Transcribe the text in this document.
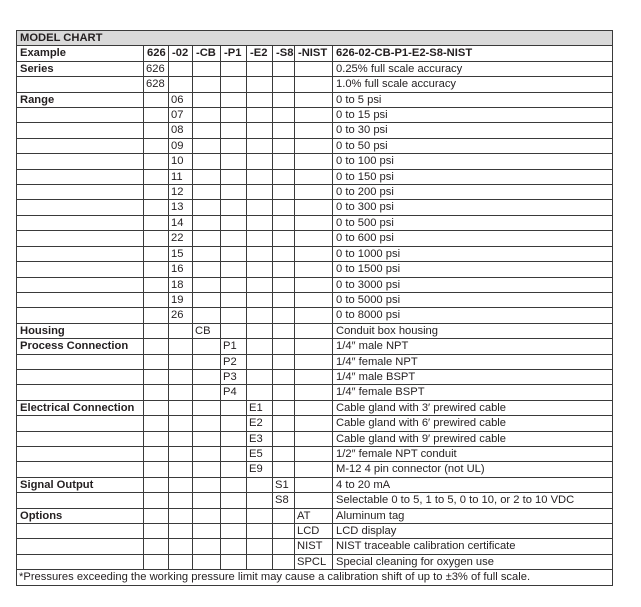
MODEL CHART								
Example	626	-02	-CB	-P1	-E2	-S8	-NIST	626-02-CB-P1-E2-S8-NIST
Series	626							0.25% full scale accuracy
	628							1.0% full scale accuracy
Range		06						0 to 5 psi
		07						0 to 15 psi
		08						0 to 30 psi
		09						0 to 50 psi
		10						0 to 100 psi
		11						0 to 150 psi
		12						0 to 200 psi
		13						0 to 300 psi
		14						0 to 500 psi
		22						0 to 600 psi
		15						0 to 1000 psi
		16						0 to 1500 psi
		18						0 to 3000 psi
		19						0 to 5000 psi
		26						0 to 8000 psi
Housing			CB					Conduit box housing
Process Connection				P1				1/4″ male NPT
				P2				1/4″ female NPT
				P3				1/4″ male BSPT
				P4				1/4″ female BSPT
Electrical Connection					E1			Cable gland with 3′ prewired cable
					E2			Cable gland with 6′ prewired cable
					E3			Cable gland with 9′ prewired cable
					E5			1/2″ female NPT conduit
					E9			M-12 4 pin connector (not UL)
Signal Output						S1		4 to 20 mA
						S8		Selectable 0 to 5, 1 to 5, 0 to 10, or 2 to 10 VDC
Options							AT	Aluminum tag
							LCD	LCD display
							NIST	NIST traceable calibration certificate
							SPCL	Special cleaning for oxygen use
*Pressures exceeding the working pressure limit may cause a calibration shift of up to ±3% of full scale.								
